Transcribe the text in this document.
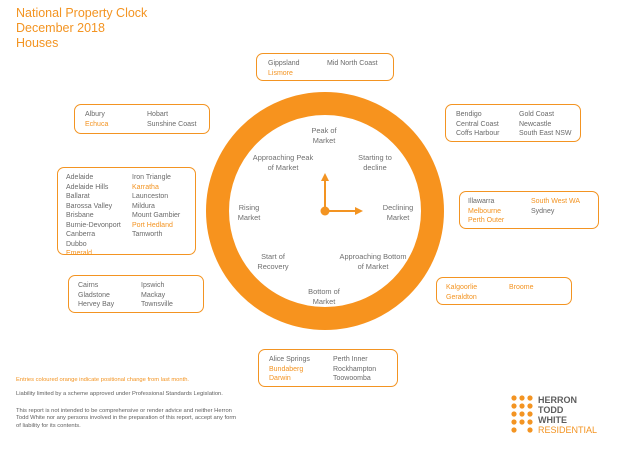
National Property Clock
December 2018
Houses
Peak of Market
Starting to decline
Declining Market
Approaching Bottom of Market
Bottom of Market
Start of Recovery
Rising Market
Approaching Peak of Market
Gippsland
Lismore
Mid North Coast
Bendigo
Central Coast
Coffs Harbour
Gold Coast
Newcastle
South East NSW
Illawarra
Melbourne
Perth Outer
South West WA
Sydney
Kalgoorlie
Geraldton
Broome
Alice Springs
Bundaberg
Darwin
Perth Inner
Rockhampton
Toowoomba
Cairns
Gladstone
Hervey Bay
Ipswich
Mackay
Townsville
Adelaide
Adelaide Hills
Ballarat
Barossa Valley
Brisbane
Burnie-Devonport
Canberra
Dubbo
Emerald
Iron Triangle
Karratha
Launceston
Mildura
Mount Gambier
Port Hedland
Tamworth
Albury
Echuca
Hobart
Sunshine Coast
Entries coloured orange indicate positional change from last month.
Liability limited by a scheme approved under Professional Standards Legislation.
This report is not intended to be comprehensive or render advice and neither Herron Todd White nor any persons involved in the preparation of this report, accept any form of liability for its contents.
HERRON
TODD
WHITE
RESIDENTIAL
